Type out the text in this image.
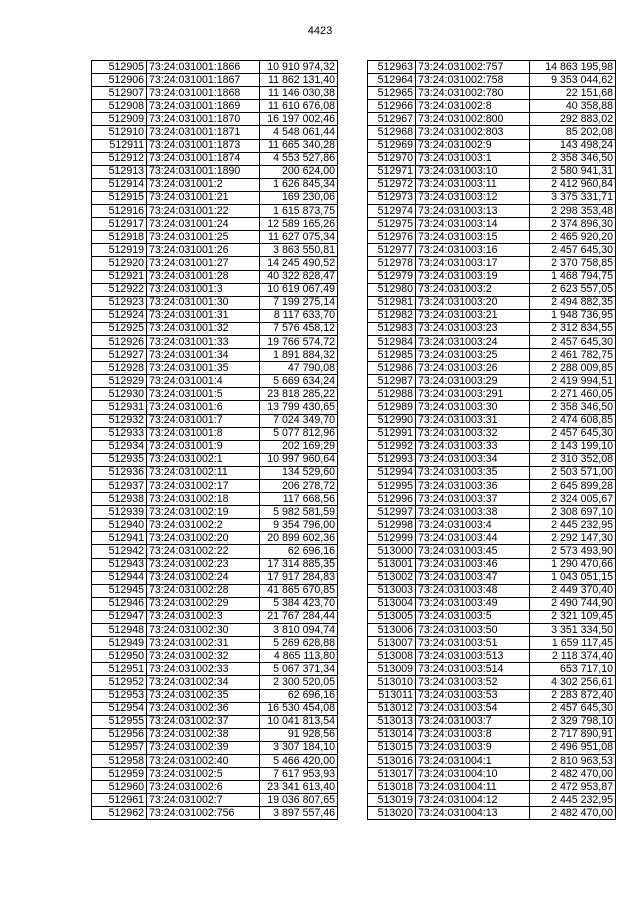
4423
512905	73:24:031001:1866	10 910 974,32
512906	73:24:031001:1867	11 862 131,40
512907	73:24:031001:1868	11 146 030,38
512908	73:24:031001:1869	11 610 676,08
512909	73:24:031001:1870	16 197 002,46
512910	73:24:031001:1871	4 548 061,44
512911	73:24:031001:1873	11 665 340,28
512912	73:24:031001:1874	4 553 527,86
512913	73:24:031001:1890	200 624,00
512914	73:24:031001:2	1 626 845,34
512915	73:24:031001:21	169 230,06
512916	73:24:031001:22	1 615 873,75
512917	73:24:031001:24	12 589 165,26
512918	73:24:031001:25	11 627 075,34
512919	73:24:031001:26	3 863 550,81
512920	73:24:031001:27	14 245 490,52
512921	73:24:031001:28	40 322 828,47
512922	73:24:031001:3	10 619 067,49
512923	73:24:031001:30	7 199 275,14
512924	73:24:031001:31	8 117 633,70
512925	73:24:031001:32	7 576 458,12
512926	73:24:031001:33	19 766 574,72
512927	73:24:031001:34	1 891 884,32
512928	73:24:031001:35	47 790,08
512929	73:24:031001:4	5 669 634,24
512930	73:24:031001:5	23 818 285,22
512931	73:24:031001:6	13 799 430,65
512932	73:24:031001:7	7 024 349,70
512933	73:24:031001:8	5 077 812,96
512934	73:24:031001:9	202 169,29
512935	73:24:031002:1	10 997 960,64
512936	73:24:031002:11	134 529,60
512937	73:24:031002:17	206 278,72
512938	73:24:031002:18	117 668,56
512939	73:24:031002:19	5 982 581,59
512940	73:24:031002:2	9 354 796,00
512941	73:24:031002:20	20 899 602,36
512942	73:24:031002:22	62 696,16
512943	73:24:031002:23	17 314 885,35
512944	73:24:031002:24	17 917 284,83
512945	73:24:031002:28	41 865 670,85
512946	73:24:031002:29	5 384 423,70
512947	73:24:031002:3	21 767 284,44
512948	73:24:031002:30	3 810 094,74
512949	73:24:031002:31	5 269 628,88
512950	73:24:031002:32	4 865 113,80
512951	73:24:031002:33	5 067 371,34
512952	73:24:031002:34	2 300 520,05
512953	73:24:031002:35	62 696,16
512954	73:24:031002:36	16 530 454,08
512955	73:24:031002:37	10 041 813,54
512956	73:24:031002:38	91 928,56
512957	73:24:031002:39	3 307 184,10
512958	73:24:031002:40	5 466 420,00
512959	73:24:031002:5	7 617 953,93
512960	73:24:031002:6	23 341 613,40
512961	73:24:031002:7	19 036 807,65
512962	73:24:031002:756	3 897 557,46
512963	73:24:031002:757	14 863 195,98
512964	73:24:031002:758	9 353 044,62
512965	73:24:031002:780	22 151,68
512966	73:24:031002:8	40 358,88
512967	73:24:031002:800	292 883,02
512968	73:24:031002:803	85 202,08
512969	73:24:031002:9	143 498,24
512970	73:24:031003:1	2 358 346,50
512971	73:24:031003:10	2 580 941,31
512972	73:24:031003:11	2 412 960,84
512973	73:24:031003:12	3 375 331,71
512974	73:24:031003:13	2 298 353,48
512975	73:24:031003:14	2 374 896,30
512976	73:24:031003:15	2 465 920,20
512977	73:24:031003:16	2 457 645,30
512978	73:24:031003:17	2 370 758,85
512979	73:24:031003:19	1 468 794,75
512980	73:24:031003:2	2 623 557,05
512981	73:24:031003:20	2 494 882,35
512982	73:24:031003:21	1 948 736,95
512983	73:24:031003:23	2 312 834,55
512984	73:24:031003:24	2 457 645,30
512985	73:24:031003:25	2 461 782,75
512986	73:24:031003:26	2 288 009,85
512987	73:24:031003:29	2 419 994,51
512988	73:24:031003:291	2 271 460,05
512989	73:24:031003:30	2 358 346,50
512990	73:24:031003:31	2 474 608,85
512991	73:24:031003:32	2 457 645,30
512992	73:24:031003:33	2 143 199,10
512993	73:24:031003:34	2 310 352,08
512994	73:24:031003:35	2 503 571,00
512995	73:24:031003:36	2 645 899,28
512996	73:24:031003:37	2 324 005,67
512997	73:24:031003:38	2 308 697,10
512998	73:24:031003:4	2 445 232,95
512999	73:24:031003:44	2 292 147,30
513000	73:24:031003:45	2 573 493,90
513001	73:24:031003:46	1 290 470,66
513002	73:24:031003:47	1 043 051,15
513003	73:24:031003:48	2 449 370,40
513004	73:24:031003:49	2 490 744,90
513005	73:24:031003:5	2 321 109,45
513006	73:24:031003:50	3 351 334,50
513007	73:24:031003:51	1 659 117,45
513008	73:24:031003:513	2 118 374,40
513009	73:24:031003:514	653 717,10
513010	73:24:031003:52	4 302 256,61
513011	73:24:031003:53	2 283 872,40
513012	73:24:031003:54	2 457 645,30
513013	73:24:031003:7	2 329 798,10
513014	73:24:031003:8	2 717 890,91
513015	73:24:031003:9	2 496 951,08
513016	73:24:031004:1	2 810 963,53
513017	73:24:031004:10	2 482 470,00
513018	73:24:031004:11	2 472 953,87
513019	73:24:031004:12	2 445 232,95
513020	73:24:031004:13	2 482 470,00
